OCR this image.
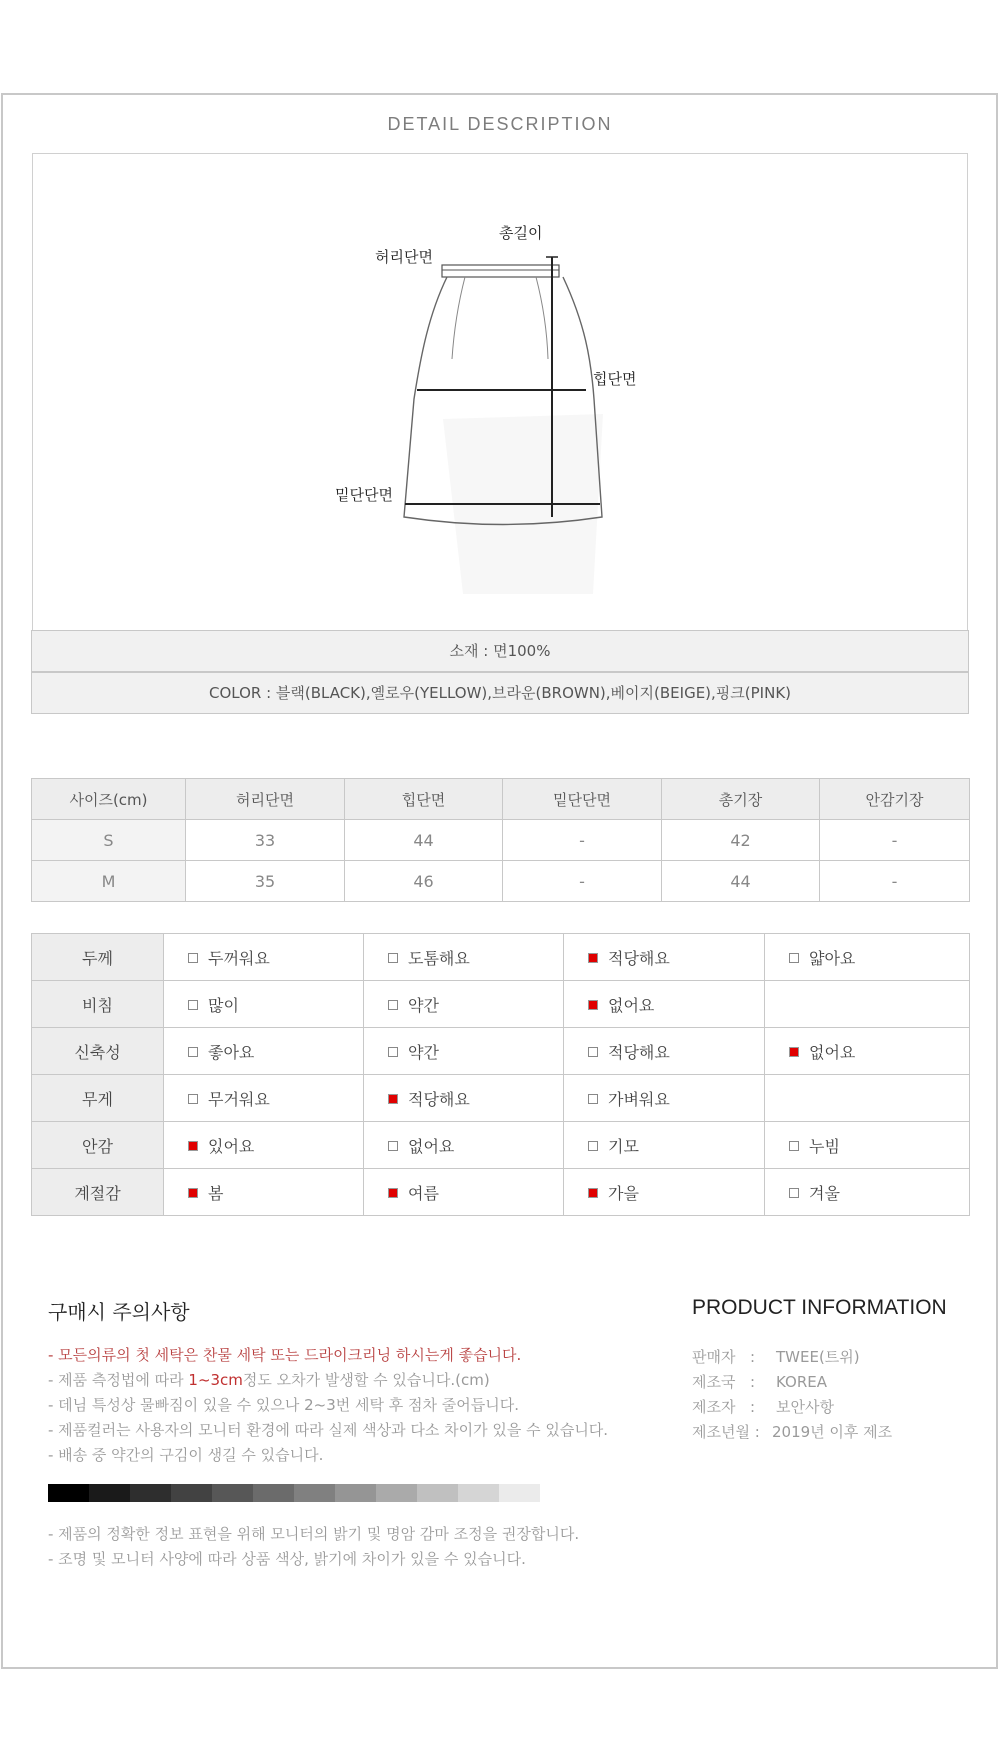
DETAIL DESCRIPTION
총길이
허리단면
힙단면
밑단단면
소재 : 면100%
COLOR : 블랙(BLACK),옐로우(YELLOW),브라운(BROWN),베이지(BEIGE),핑크(PINK)
사이즈(cm)	허리단면	힙단면	밑단단면	총기장	안감기장
S	33	44	-	42	-
M	35	46	-	44	-
두께	두꺼워요	도톰해요	적당해요	얇아요
비침	많이	약간	없어요	
신축성	좋아요	약간	적당해요	없어요
무게	무거워요	적당해요	가벼워요	
안감	있어요	없어요	기모	누빔
계절감	봄	여름	가을	겨울
구매시 주의사항
- 모든의류의 첫 세탁은 찬물 세탁 또는 드라이크리닝 하시는게 좋습니다.
- 제품 측정법에 따라 1~3cm정도 오차가 발생할 수 있습니다.(cm)
- 데님 특성상 물빠짐이 있을 수 있으나 2~3번 세탁 후 점차 줄어듭니다.
- 제품컬러는 사용자의 모니터 환경에 따라 실제 색상과 다소 차이가 있을 수 있습니다.
- 배송 중 약간의 구김이 생길 수 있습니다.
- 제품의 정확한 정보 표현을 위해 모니터의 밝기 및 명암 감마 조정을 권장합니다.
- 조명 및 모니터 사양에 따라 상품 색상, 밝기에 차이가 있을 수 있습니다.
PRODUCT INFORMATION
판매자 :	TWEE(트위)
제조국 :	KOREA
제조자 :	보안사항
제조년월 : 2019년 이후 제조
